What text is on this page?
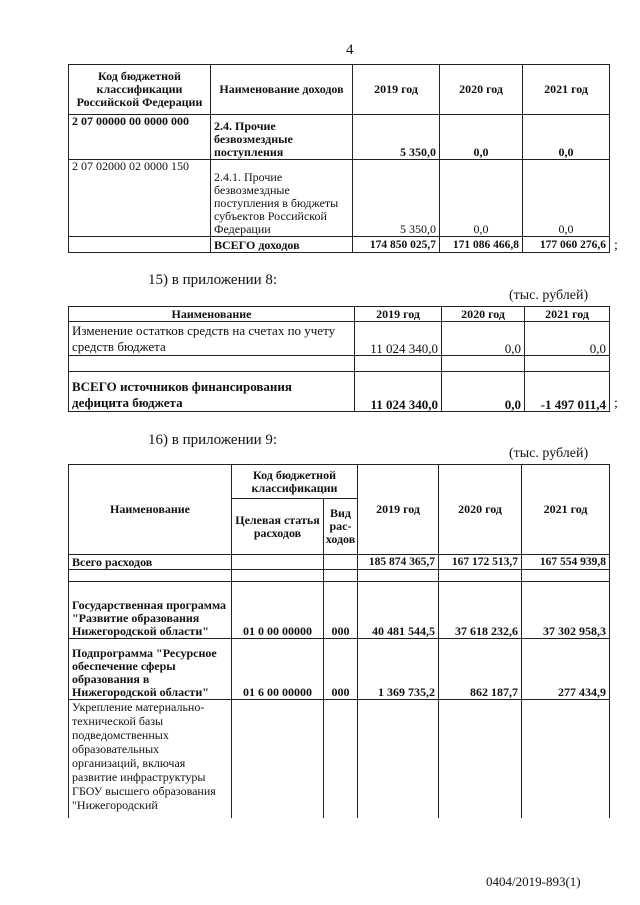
4
Код бюджетной классификации Российской Федерации	Наименование доходов	2019 год	2020 год	2021 год
2 07 00000 00 0000 000	2.4. Прочие безвозмездные поступления	5 350,0	0,0	0,0
2 07 02000 02 0000 150	2.4.1. Прочие безвозмездные поступления в бюджеты субъектов Российской Федерации	5 350,0	0,0	0,0
	ВСЕГО доходов	174 850 025,7	171 086 466,8	177 060 276,6 ;
15) в приложении 8:
(тыс. рублей)
Наименование	2019 год	2020 год	2021 год
Изменение остатков средств на счетах по учету средств бюджета	11 024 340,0	0,0	0,0

ВСЕГО источников финансирования дефицита бюджета	11 024 340,0	0,0	-1 497 011,4 ;
16) в приложении 9:
(тыс. рублей)
Наименование	Код бюджетной классификации		2019 год	2020 год	2021 год
	Целевая статья расходов	Вид рас-ходов			
Всего расходов			185 874 365,7	167 172 513,7	167 554 939,8

Государственная программа "Развитие образования Нижегородской области"	01 0 00 00000	000	40 481 544,5	37 618 232,6	37 302 958,3
Подпрограмма "Ресурсное обеспечение сферы образования в Нижегородской области"	01 6 00 00000	000	1 369 735,2	862 187,7	277 434,9
Укрепление материально-технической базы подведомственных образовательных организаций, включая развитие инфраструктуры ГБОУ высшего образования "Нижегородский					
0404/2019-893(1)
